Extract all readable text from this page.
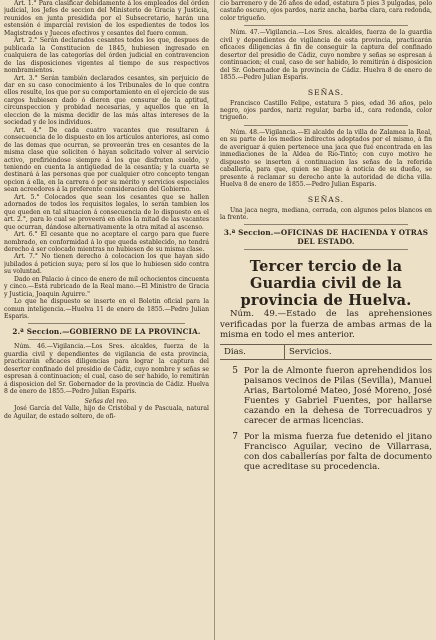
Art. 1.° Para clasificar debidamente á los empleados del órden judicial, los Jefes de seccion del Ministerio de Gracia y Justicia, reunidos en junta presidida por el Subsecretario, harán una estensión é imparcial revision de los espedientes de todos los Magistrados y Jueces efectivos y cesantes del fuero comun.

Art. 2.° Serán declarados cesantes todos los que, despues de publicada la Constitucion de 1845, hubiesen ingresado en cualquiera de las categorías del órden judicial en contravencion de las disposiciones vigentes al tiempo de sus respectivos nombramientos.

Art. 3.° Serán también declarados cesantes, sin perjuicio de dar en su caso conocimiento á los Tribunales de lo que contra ellos resulte, los que por su comportamiento en el ejercicio de sus cargos hubiesen dado ó dieren que censurar de la aptitud, circunspeccion y probidad necesarias, y aquellos que en la eleccion de la misma decidir de las más altas intereses de la sociedad y de los individuos.

Art. 4.° De cada cuatro vacantes que resultaren á consecuencia de lo dispuesto en los artículos anteriores, así como de las demas que ocurran, se proveerán tres en cesantes de la misma clase que soliciten ó hayan solicitado volver al servicio activo, prefiriéndose siempre á los que disfruten sueldo, y teniendo en cuenta la antigüedad de la cesantía; y la cuarta se destinará á las personas que por cualquier otro concepto tengan opcion á ella, en la carrera ó por su mérito y servicios especiales sean acreedores á la preferente consideracion del Gobierno.

Art. 5.° Colocados que sean los cesantes que se hallen adornados de todos los requisitos legales, lo serán tambien los que queden en tal situacion á consecuencia de lo dispuesto en el art. 2.°, para lo cual se proveerá en ellos la mitad de las vacantes que ocurran, dándose alternativamente la otra mitad al ascenso.

Art. 6.° El cesante que no aceptare el cargo para que fuere nombrado, en conformidad á lo que queda establecido, no tendrá derecho á ser colocado mientras no hubiesen de su misma clase.

Art. 7.° No tienen derecho á colocacion los que hayan sido jubilados á peticion suya; pero sí los que lo hubiesen sido contra su voluntad.

Dado en Palacio á cinco de enero de mil ochocientos cincuenta y cinco.—Está rubricado de la Real mano.—El Ministro de Gracia y Justicia, Joaquin Aguirre."

Lo que he dispuesto se inserte en el Boletin oficial para la comun inteligencia.—Huelva 11 de enero de 1855.—Pedro Julian Esparis.

2.ª Seccion.—GOBIERNO DE LA PROVINCIA.

Núm. 46.—Vigilancia.—Los Sres. alcaldes, fuerza de la guardia civil y dependientes de vigilancia de esta provincia, practicarán eficaces diligencias para lograr la captura del desertor confinado del presidio de Cádiz, cuyo nombre y señas se espresan á continuacion; el cual, caso de ser habido, lo remitirán á disposicion del Sr. Gobernador de la provincia de Cádiz. Huelva 8 de enero de 1855.—Pedro Julian Esparis.

Señas del reo.

José García del Valle, hijo de Cristóbal y de Pascuala, natural de Aguilar, de estado soltero, de ofi-

cio barrenero y de 26 años de edad, estatura 5 pies 3 pulgadas, pelo castaño oscuro, ojos pardos, nariz ancha, barba clara, cara redonda, color trigueño.

Núm. 47.—Vigilancia.—Los Sres. alcaldes, fuerza de la guardia civil y dependientes de vigilancia de esta provincia, practicarán eficaces diligencias á fin de conseguir la captura del confinado desertor del presidio de Cádiz, cuyo nombre y señas se espresan á continuacion; el cual, caso de ser habido, lo remitirán á disposicion del Sr. Gobernador de la provincia de Cádiz. Huelva 8 de enero de 1855.—Pedro Julian Esparis.

SEÑAS.

Francisco Castillo Felipe, estatura 5 pies, edad 36 años, pelo negro, ojos pardos, nariz regular, barba id., cara redonda, color trigueño.

Núm. 48.—Vigilancia.—El alcalde de la villa de Zalamea la Real, en su parte de los medios indirectos adoptados por el mismo, á fin de averiguar á quien pertenece una jaca que fué encontrada en las inmediaciones de la Aldea de Rio-Tinto; con cuyo motivo he dispuesto se inserten á continuacion las señas de la referida caballería, para que, quien se llegue á noticia de su dueño, se presente á reclamar su derecho ante la autoridad de dicha villa. Huelva 8 de enero de 1855.—Pedro Julian Esparis.

SEÑAS.

Una jaca negra, mediana, cerrada, con algunos pelos blancos en la frente.

3.ª Seccion.—OFICINAS DE HACIENDA Y OTRAS DEL ESTADO.
Tercer tercio de la Guardia civil de la provincia de Huelva.

Núm. 49.—Estado de las aprehensiones verificadas por la fuerza de ambas armas de la misma en todo el mes anterior.

Dias.	Servicios.
5 Por la de Almonte fueron aprehendidos los paisanos vecinos de Pilas (Sevilla), Manuel Arias, Bartolomé Mateo, José Moreno, José Fuentes y Gabriel Fuentes, por hallarse cazando en la dehesa de Torrecuadros y carecer de armas licencias.
7 Por la misma fuerza fue detenido el jitano Francisco Aguilar, vecino de Villarrasa, con dos caballerías por falta de documento que acreditase su procedencia.
